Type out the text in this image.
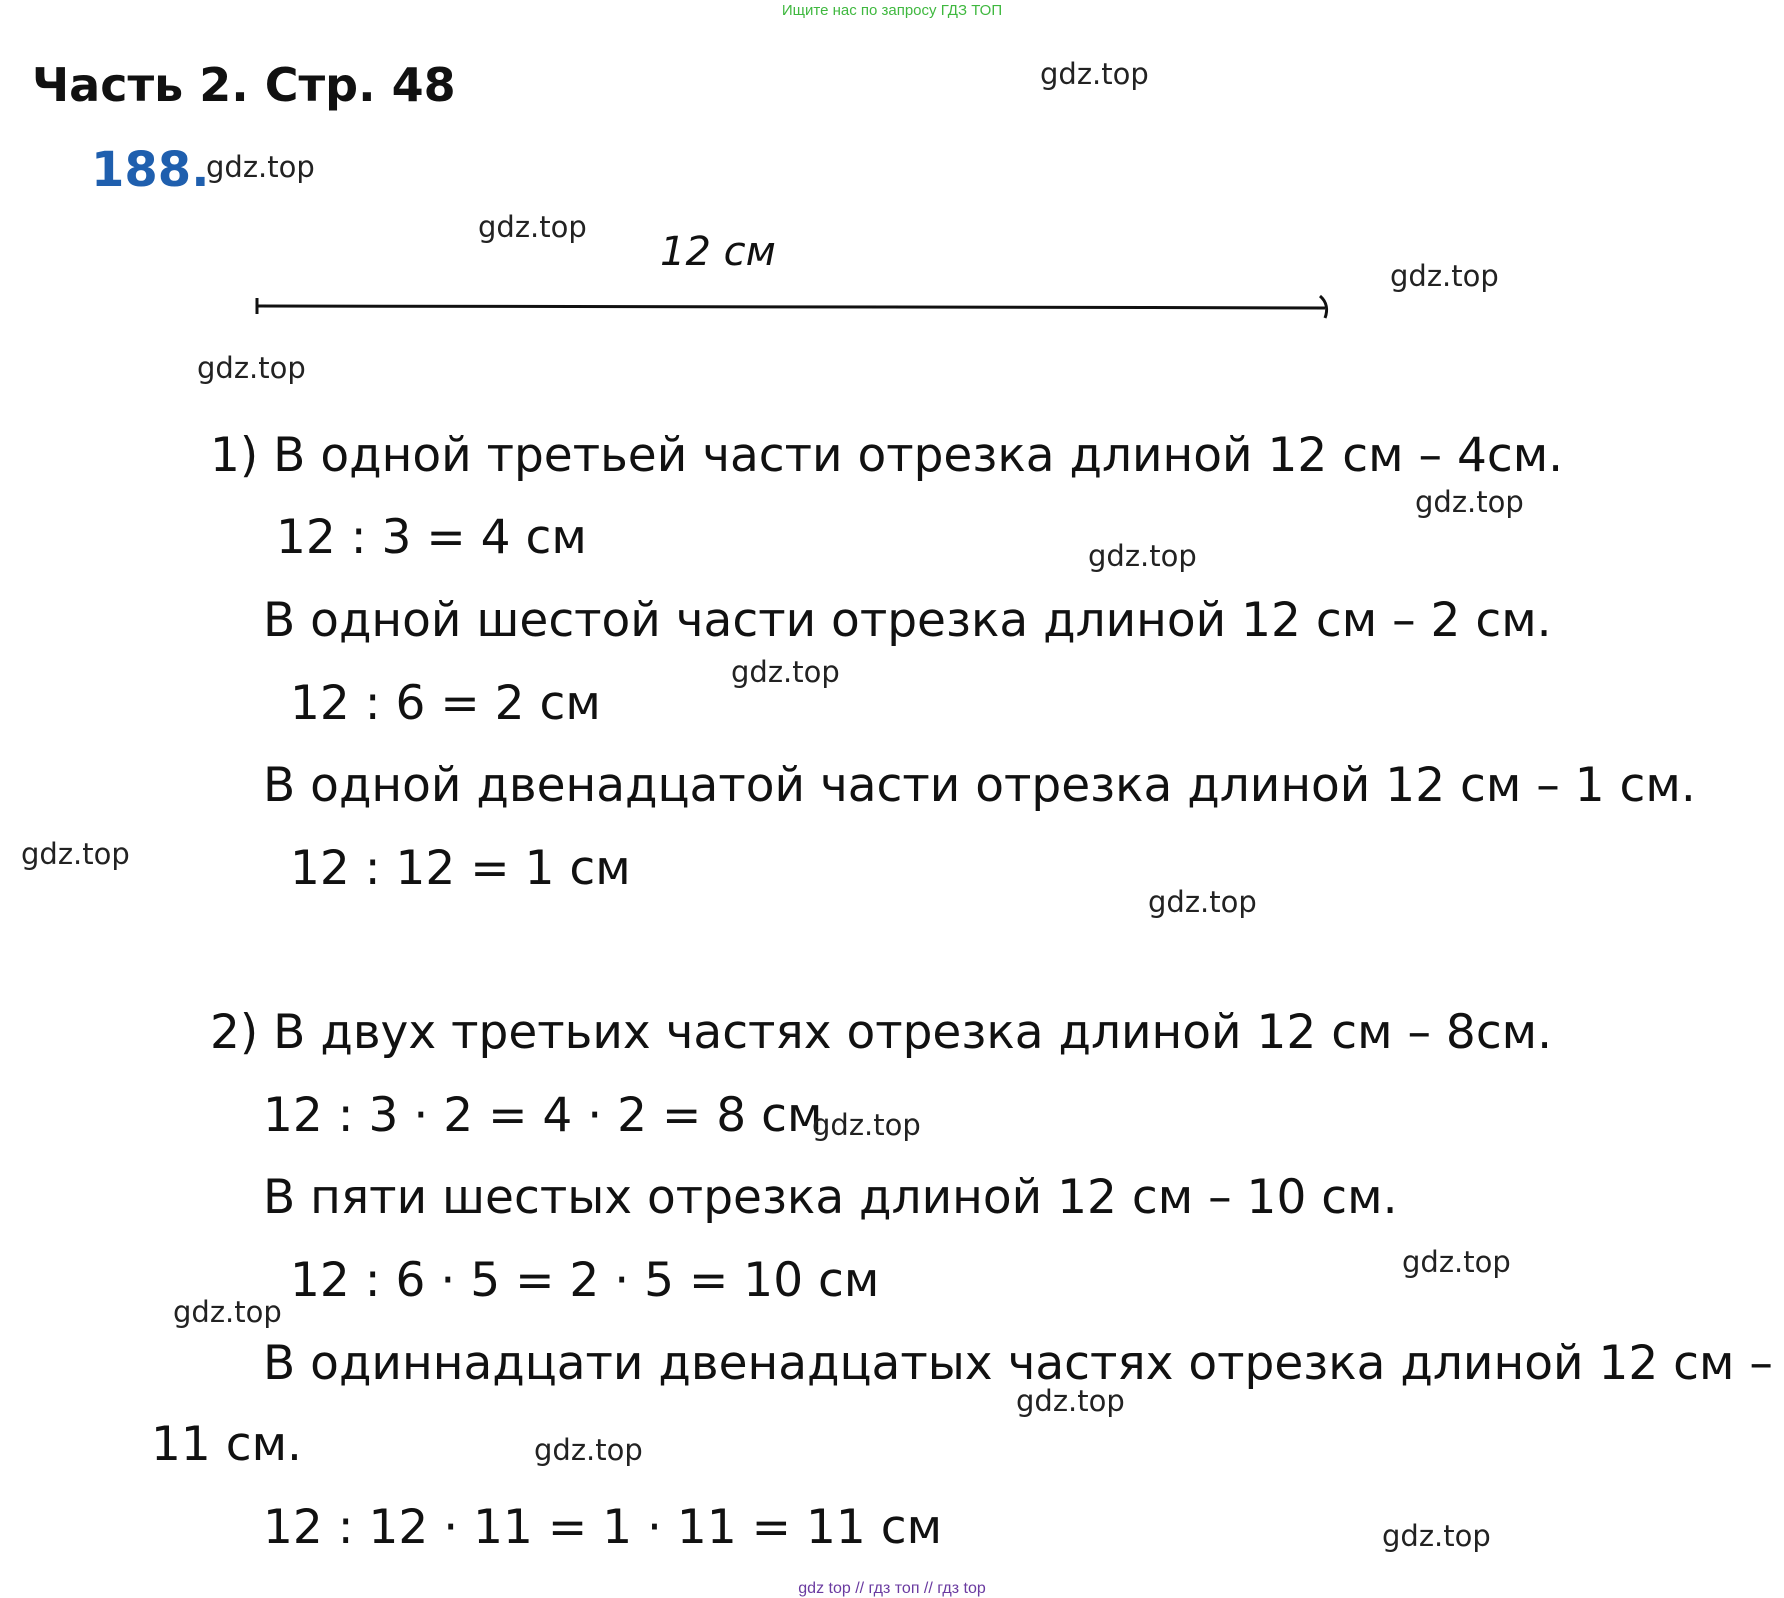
Ищите нас по запросу ГДЗ ТОП
Часть 2. Стр. 48
188.
12 см
1) В одной третьей части отрезка длиной 12 см – 4см.
12 : 3 = 4 см
В одной шестой части отрезка длиной 12 см – 2 см.
12 : 6 = 2 см
В одной двенадцатой части отрезка длиной 12 см – 1 см.
12 : 12 = 1 см
2) В двух третьих частях отрезка длиной 12 см – 8см.
12 : 3 · 2 = 4 · 2 = 8 см
В пяти шестых отрезка длиной 12 см – 10 см.
12 : 6 · 5 = 2 · 5 = 10 см
В одиннадцати двенадцатых частях отрезка длиной 12 см –
11 см.
12 : 12 · 11 = 1 · 11 = 11 см
gdz.top
gdz.top
gdz.top
gdz.top
gdz.top
gdz.top
gdz.top
gdz.top
gdz.top
gdz.top
gdz.top
gdz.top
gdz.top
gdz.top
gdz.top
gdz.top
gdz top // гдз топ // гдз top
